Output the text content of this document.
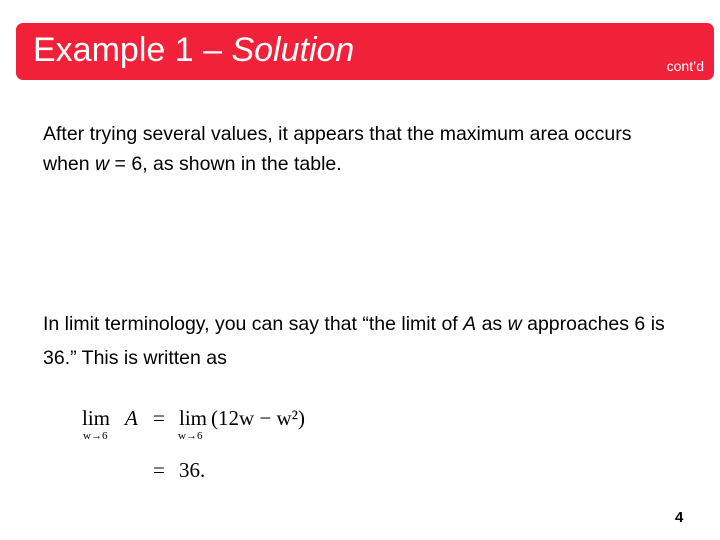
Example 1 – Solution	cont’d

After trying several values, it appears that the maximum area occurs when w = 6, as shown in the table.

In limit terminology, you can say that “the limit of A as w approaches 6 is 36.” This is written as

lim
w→6
A = lim
w→6
(12w − w²)
= 36.
4
